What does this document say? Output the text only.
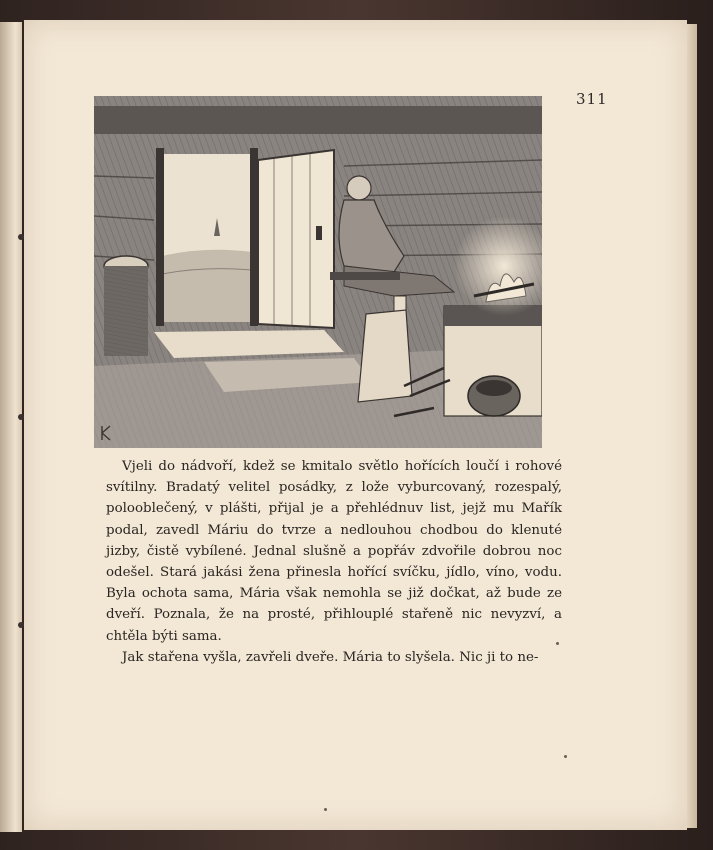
311

Vjeli do nádvoří, kdež se kmitalo světlo hořících loučí i rohové svítilny. Bradatý velitel posádky, z lože vyburcovaný, rozespalý, polooblečený, v plášti, přijal je a přehlédnuv list, jejž mu Mařík podal, zavedl Máriu do tvrze a nedlouhou chodbou do klenuté jizby, čistě vybílené. Jednal slušně a popřáv zdvořile dobrou noc odešel. Stará jakási žena přinesla hořící svíčku, jídlo, víno, vodu. Byla ochota sama, Mária však nemohla se již dočkat, až bude ze dveří. Poznala, že na prosté, přihlouplé stařeně nic nevyzví, a chtěla býti sama.

Jak stařena vyšla, zavřeli dveře. Mária to slyšela. Nic ji to ne-
